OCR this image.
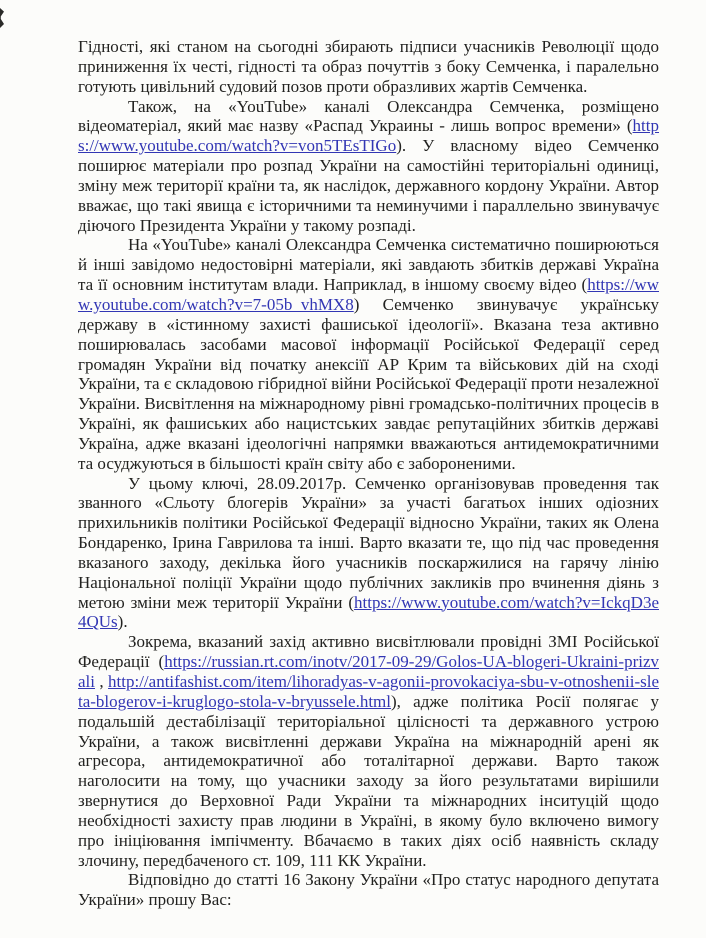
Гідності, які станом на сьогодні збирають підписи учасників Революції щодо приниження їх честі, гідності та образ почуттів з боку Семченка, і паралельно готують цивільний судовий позов проти образливих жартів Семченка.

Також, на «YouTube» каналі Олександра Семченка, розміщено відеоматеріал, який має назву «Распад Украины - лишь вопрос времени» (https://www.youtube.com/watch?v=von5TEsTIGo). У власному відео Семченко поширює матеріали про розпад України на самостійні територіальні одиниці, зміну меж території країни та, як наслідок, державного кордону України. Автор вважає, що такі явища є історичними та неминучими і параллельно звинувачує діючого Президента України у такому розпаді.

На «YouTube» каналі Олександра Семченка систематично поширюються й інші завідомо недостовірні матеріали, які завдають збитків державі Україна та її основним інститутам влади. Наприклад, в іншому своєму відео (https://www.youtube.com/watch?v=7-05b_vhMX8) Семченко звинувачує українську державу в «істинному захисті фашиської ідеології». Вказана теза активно поширювалась засобами масової інформації Російської Федерації серед громадян України від початку анексіїї АР Крим та військових дій на сході України, та є складовою гібридної війни Російської Федерації проти незалежної України. Висвітлення на міжнародному рівні громадсько-політичних процесів в Україні, як фашиських або нацистських завдає репутаційних збитків державі Україна, адже вказані ідеологічні напрямки вважаються антидемократичними та осуджуються в більшості країн світу або є забороненими.

У цьому ключі, 28.09.2017р. Семченко організовував проведення так званного «Сльоту блогерів України» за участі багатьох інших одіозних прихильників політики Російської Федерації відносно України, таких як Олена Бондаренко, Ірина Гаврилова та інші. Варто вказати те, що під час проведення вказаного заходу, декілька його учасників поскаржилися на гарячу лінію Національної поліції України щодо публічних закликів про вчинення діянь з метою зміни меж території України (https://www.youtube.com/watch?v=IckqD3e4QUs).

Зокрема, вказаний захід активно висвітлювали провідні ЗМІ Російської Федерації (https://russian.rt.com/inotv/2017-09-29/Golos-UA-blogeri-Ukraini-prizvali , http://antifashist.com/item/lihoradyas-v-agonii-provokaciya-sbu-v-otnoshenii-sleta-blogerov-i-kruglogo-stola-v-bryussele.html), адже політика Росії полягає у подальшій дестабілізації територіальної цілісності та державного устрою України, а також висвітленні держави Україна на міжнародній арені як агресора, антидемократичної або тоталітарної держави. Варто також наголосити на тому, що учасники заходу за його результатами вирішили звернутися до Верховної Ради України та міжнародних інситуцій щодо необхідності захисту прав людини в Україні, в якому було включено вимогу про ініціювання імпічменту. Вбачаємо в таких діях осіб наявність складу злочину, передбаченого ст. 109, 111 КК України.

Відповідно до статті 16 Закону України «Про статус народного депутата України» прошу Вас:
